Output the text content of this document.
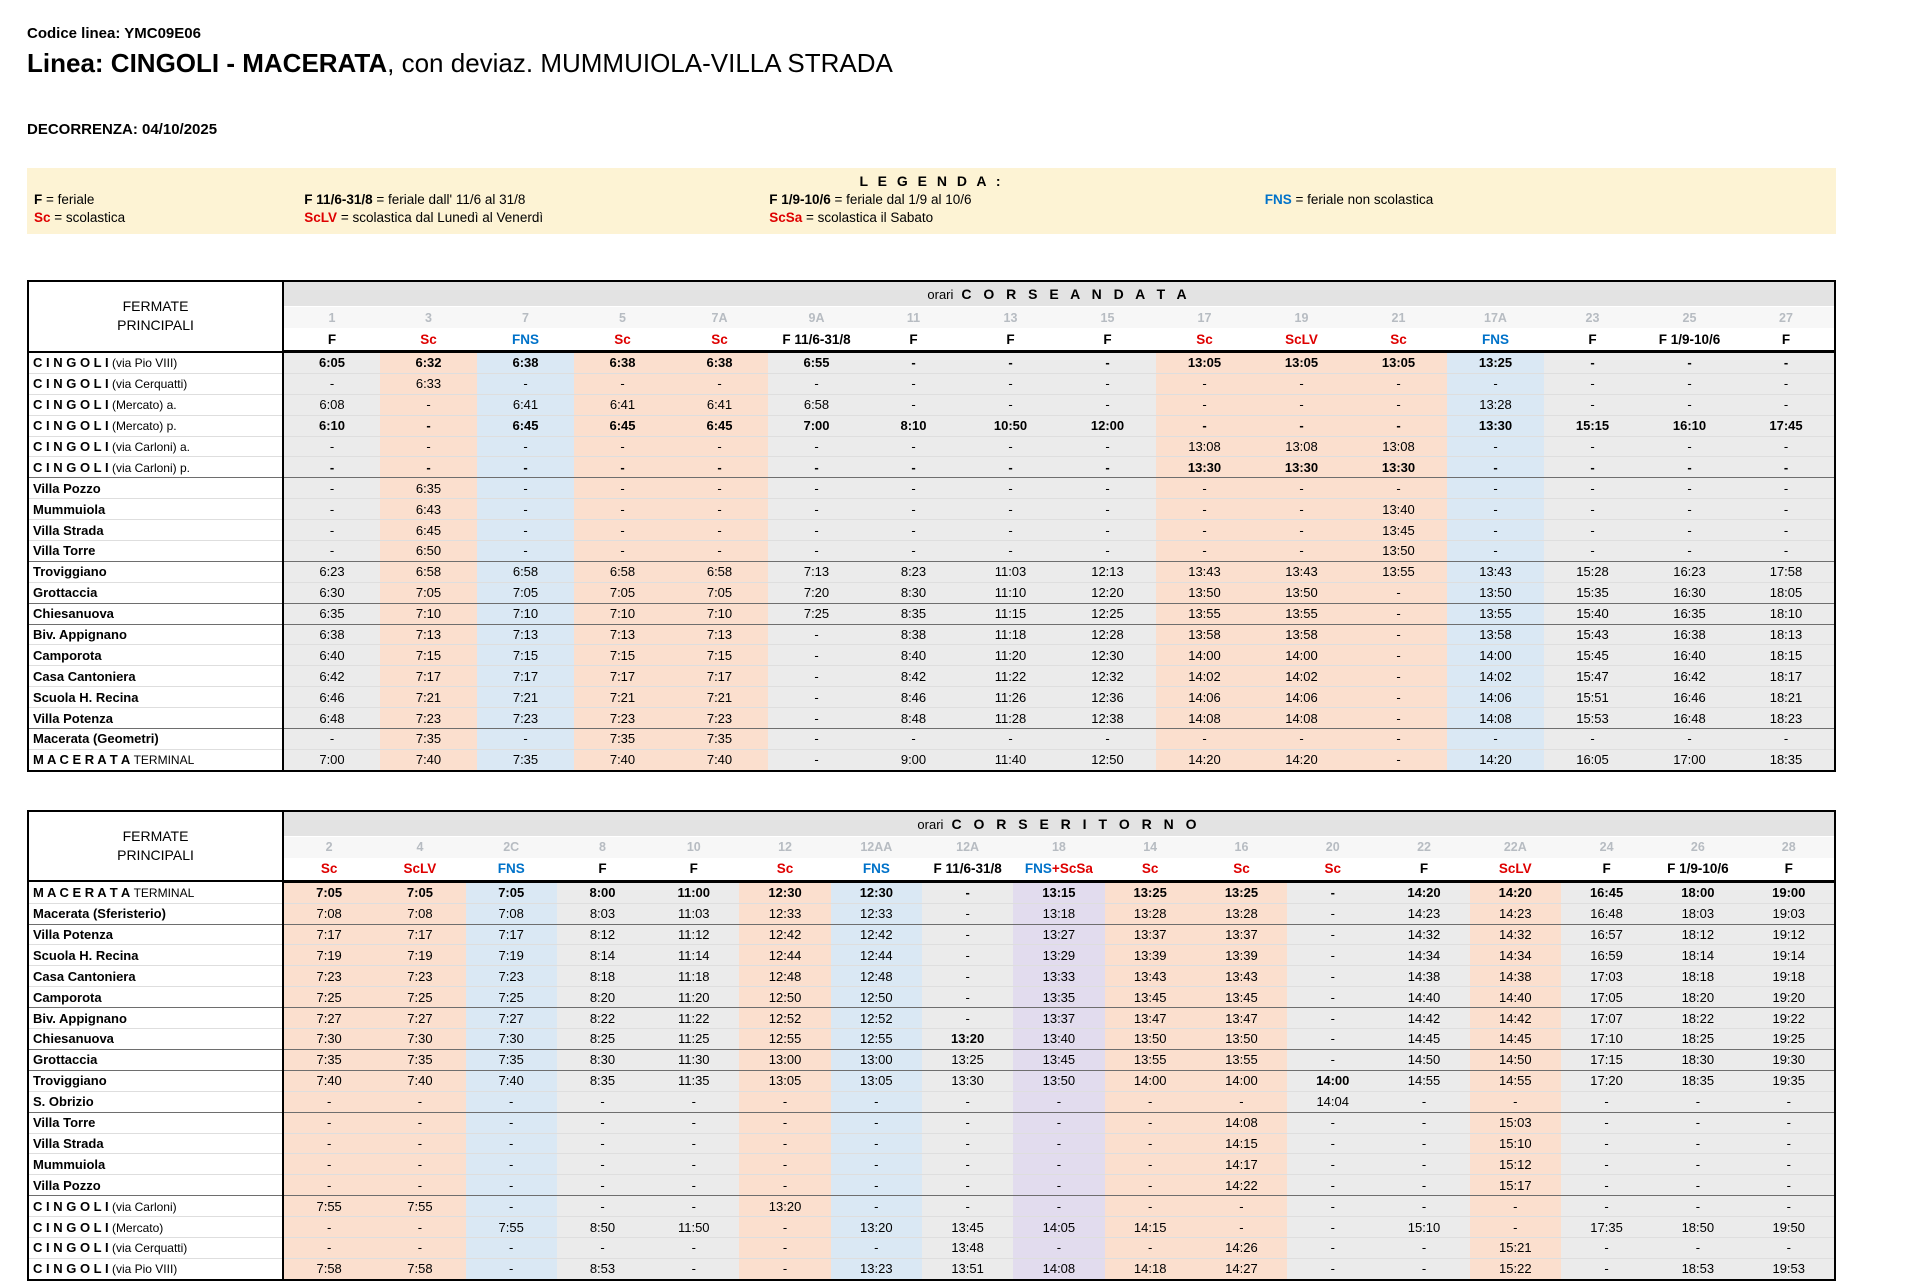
Codice linea: YMC09E06
Linea: CINGOLI - MACERATA, con deviaz. MUMMUIOLA-VILLA STRADA
DECORRENZA: 04/10/2025
L E G E N D A :
F = feriale	F 11/6-31/8 = feriale dall' 11/6 al 31/8	F 1/9-10/6 = feriale dal 1/9 al 10/6	FNS = feriale non scolastica
Sc = scolastica	ScLV = scolastica dal Lunedì al Venerdì	ScSa = scolastica il Sabato
FERMATE
PRINCIPALI	orari C O R S E A N D A T A															
	1	3	7	5	7A	9A	11	13	15	17	19	21	17A	23	25	27
	F	Sc	FNS	Sc	Sc	F 11/6-31/8	F	F	F	Sc	ScLV	Sc	FNS	F	F 1/9-10/6	F
C I N G O L I (via Pio VIII)	6:05	6:32	6:38	6:38	6:38	6:55	-	-	-	13:05	13:05	13:05	13:25	-	-	-
C I N G O L I (via Cerquatti)	-	6:33	-	-	-	-	-	-	-	-	-	-	-	-	-	-
C I N G O L I (Mercato) a.	6:08	-	6:41	6:41	6:41	6:58	-	-	-	-	-	-	13:28	-	-	-
C I N G O L I (Mercato) p.	6:10	-	6:45	6:45	6:45	7:00	8:10	10:50	12:00	-	-	-	13:30	15:15	16:10	17:45
C I N G O L I (via Carloni) a.	-	-	-	-	-	-	-	-	-	13:08	13:08	13:08	-	-	-	-
C I N G O L I (via Carloni) p.	-	-	-	-	-	-	-	-	-	13:30	13:30	13:30	-	-	-	-
Villa Pozzo	-	6:35	-	-	-	-	-	-	-	-	-	-	-	-	-	-
Mummuiola	-	6:43	-	-	-	-	-	-	-	-	-	13:40	-	-	-	-
Villa Strada	-	6:45	-	-	-	-	-	-	-	-	-	13:45	-	-	-	-
Villa Torre	-	6:50	-	-	-	-	-	-	-	-	-	13:50	-	-	-	-
Troviggiano	6:23	6:58	6:58	6:58	6:58	7:13	8:23	11:03	12:13	13:43	13:43	13:55	13:43	15:28	16:23	17:58
Grottaccia	6:30	7:05	7:05	7:05	7:05	7:20	8:30	11:10	12:20	13:50	13:50	-	13:50	15:35	16:30	18:05
Chiesanuova	6:35	7:10	7:10	7:10	7:10	7:25	8:35	11:15	12:25	13:55	13:55	-	13:55	15:40	16:35	18:10
Biv. Appignano	6:38	7:13	7:13	7:13	7:13	-	8:38	11:18	12:28	13:58	13:58	-	13:58	15:43	16:38	18:13
Camporota	6:40	7:15	7:15	7:15	7:15	-	8:40	11:20	12:30	14:00	14:00	-	14:00	15:45	16:40	18:15
Casa Cantoniera	6:42	7:17	7:17	7:17	7:17	-	8:42	11:22	12:32	14:02	14:02	-	14:02	15:47	16:42	18:17
Scuola H. Recina	6:46	7:21	7:21	7:21	7:21	-	8:46	11:26	12:36	14:06	14:06	-	14:06	15:51	16:46	18:21
Villa Potenza	6:48	7:23	7:23	7:23	7:23	-	8:48	11:28	12:38	14:08	14:08	-	14:08	15:53	16:48	18:23
Macerata (Geometri)	-	7:35	-	7:35	7:35	-	-	-	-	-	-	-	-	-	-	-
M A C E R A T A TERMINAL	7:00	7:40	7:35	7:40	7:40	-	9:00	11:40	12:50	14:20	14:20	-	14:20	16:05	17:00	18:35
FERMATE
PRINCIPALI	orari C O R S E R I T O R N O																
	2	4	2C	8	10	12	12AA	12A	18	14	16	20	22	22A	24	26	28
	Sc	ScLV	FNS	F	F	Sc	FNS	F 11/6-31/8	FNS+ScSa	Sc	Sc	Sc	F	ScLV	F	F 1/9-10/6	F
M A C E R A T A TERMINAL	7:05	7:05	7:05	8:00	11:00	12:30	12:30	-	13:15	13:25	13:25	-	14:20	14:20	16:45	18:00	19:00
Macerata (Sferisterio)	7:08	7:08	7:08	8:03	11:03	12:33	12:33	-	13:18	13:28	13:28	-	14:23	14:23	16:48	18:03	19:03
Villa Potenza	7:17	7:17	7:17	8:12	11:12	12:42	12:42	-	13:27	13:37	13:37	-	14:32	14:32	16:57	18:12	19:12
Scuola H. Recina	7:19	7:19	7:19	8:14	11:14	12:44	12:44	-	13:29	13:39	13:39	-	14:34	14:34	16:59	18:14	19:14
Casa Cantoniera	7:23	7:23	7:23	8:18	11:18	12:48	12:48	-	13:33	13:43	13:43	-	14:38	14:38	17:03	18:18	19:18
Camporota	7:25	7:25	7:25	8:20	11:20	12:50	12:50	-	13:35	13:45	13:45	-	14:40	14:40	17:05	18:20	19:20
Biv. Appignano	7:27	7:27	7:27	8:22	11:22	12:52	12:52	-	13:37	13:47	13:47	-	14:42	14:42	17:07	18:22	19:22
Chiesanuova	7:30	7:30	7:30	8:25	11:25	12:55	12:55	13:20	13:40	13:50	13:50	-	14:45	14:45	17:10	18:25	19:25
Grottaccia	7:35	7:35	7:35	8:30	11:30	13:00	13:00	13:25	13:45	13:55	13:55	-	14:50	14:50	17:15	18:30	19:30
Troviggiano	7:40	7:40	7:40	8:35	11:35	13:05	13:05	13:30	13:50	14:00	14:00	14:00	14:55	14:55	17:20	18:35	19:35
S. Obrizio	-	-	-	-	-	-	-	-	-	-	-	14:04	-	-	-	-	-
Villa Torre	-	-	-	-	-	-	-	-	-	-	14:08	-	-	15:03	-	-	-
Villa Strada	-	-	-	-	-	-	-	-	-	-	14:15	-	-	15:10	-	-	-
Mummuiola	-	-	-	-	-	-	-	-	-	-	14:17	-	-	15:12	-	-	-
Villa Pozzo	-	-	-	-	-	-	-	-	-	-	14:22	-	-	15:17	-	-	-
C I N G O L I (via Carloni)	7:55	7:55	-	-	-	13:20	-	-	-	-	-	-	-	-	-	-	-
C I N G O L I (Mercato)	-	-	7:55	8:50	11:50	-	13:20	13:45	14:05	14:15	-	-	15:10	-	17:35	18:50	19:50
C I N G O L I (via Cerquatti)	-	-	-	-	-	-	-	13:48	-	-	14:26	-	-	15:21	-	-	-
C I N G O L I (via Pio VIII)	7:58	7:58	-	8:53	-	-	13:23	13:51	14:08	14:18	14:27	-	-	15:22	-	18:53	19:53
